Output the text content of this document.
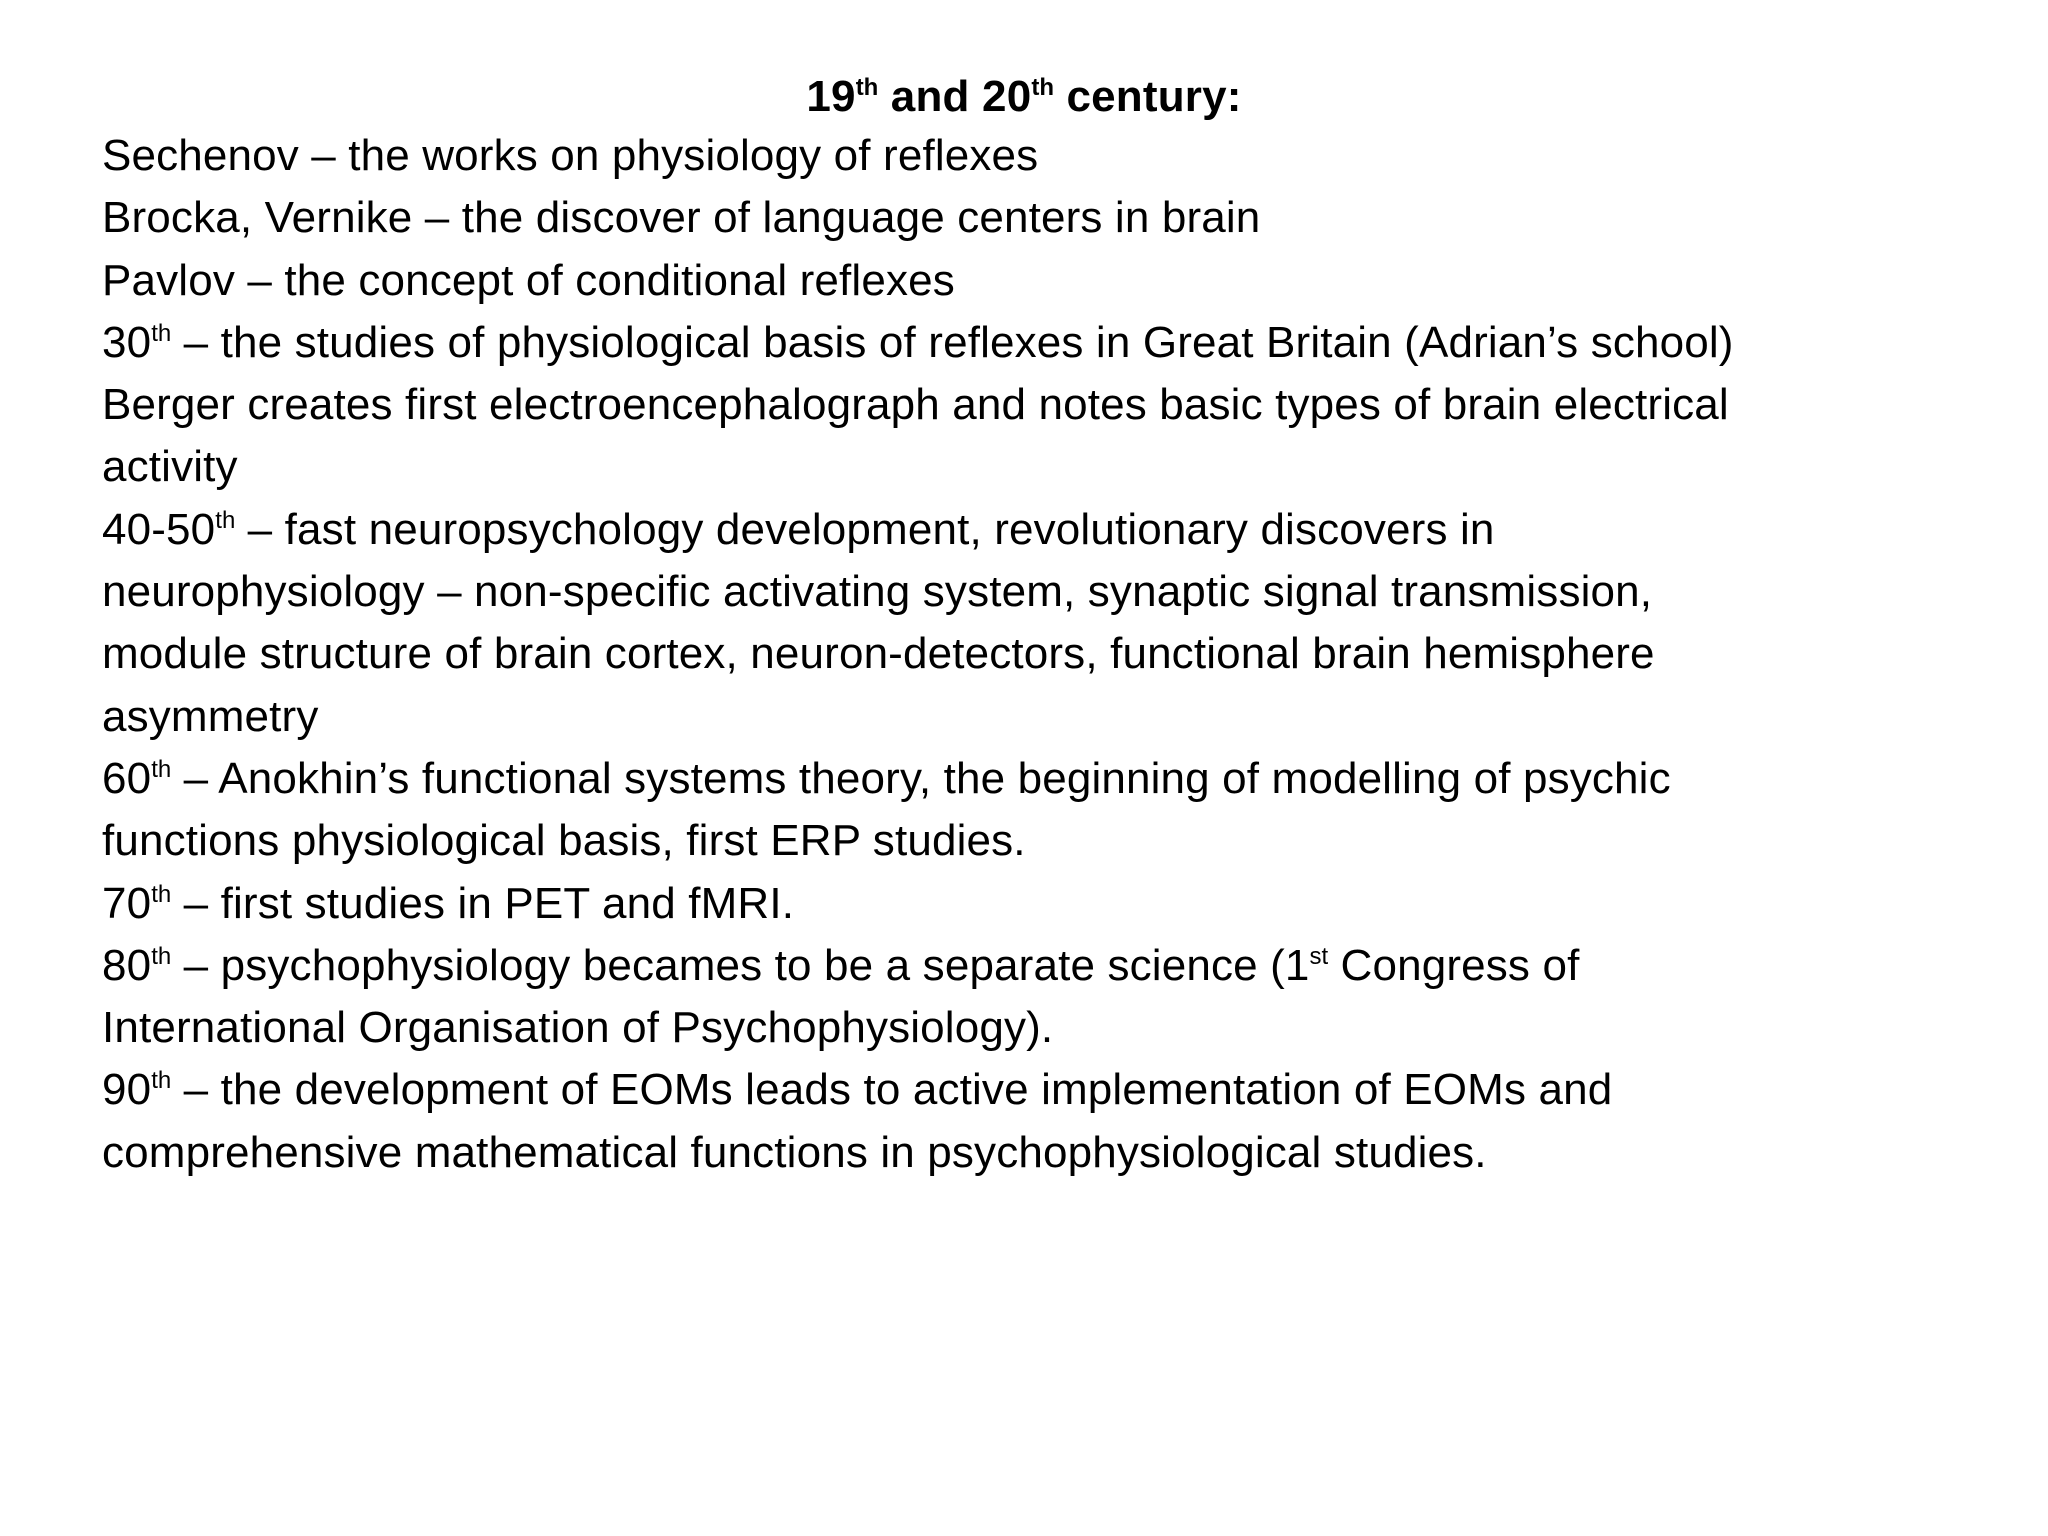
19th and 20th century:
Sechenov – the works on physiology of reflexes
Brocka, Vernike – the discover of language centers in brain
Pavlov – the concept of conditional reflexes
30th – the studies of physiological basis of reflexes in Great Britain (Adrian’s school)
Berger creates first electroencephalograph and notes basic types of brain electrical
activity
40-50th – fast neuropsychology development, revolutionary discovers in
neurophysiology – non-specific activating system, synaptic signal transmission,
module structure of brain cortex, neuron-detectors, functional brain hemisphere
asymmetry
60th – Anokhin’s functional systems theory, the beginning of modelling of psychic
functions physiological basis, first ERP studies.
70th – first studies in PET and fMRI.
80th – psychophysiology becames to be a separate science (1st Congress of
International Organisation of Psychophysiology).
90th – the development of EOMs leads to active implementation of EOMs and
comprehensive mathematical functions in psychophysiological studies.
